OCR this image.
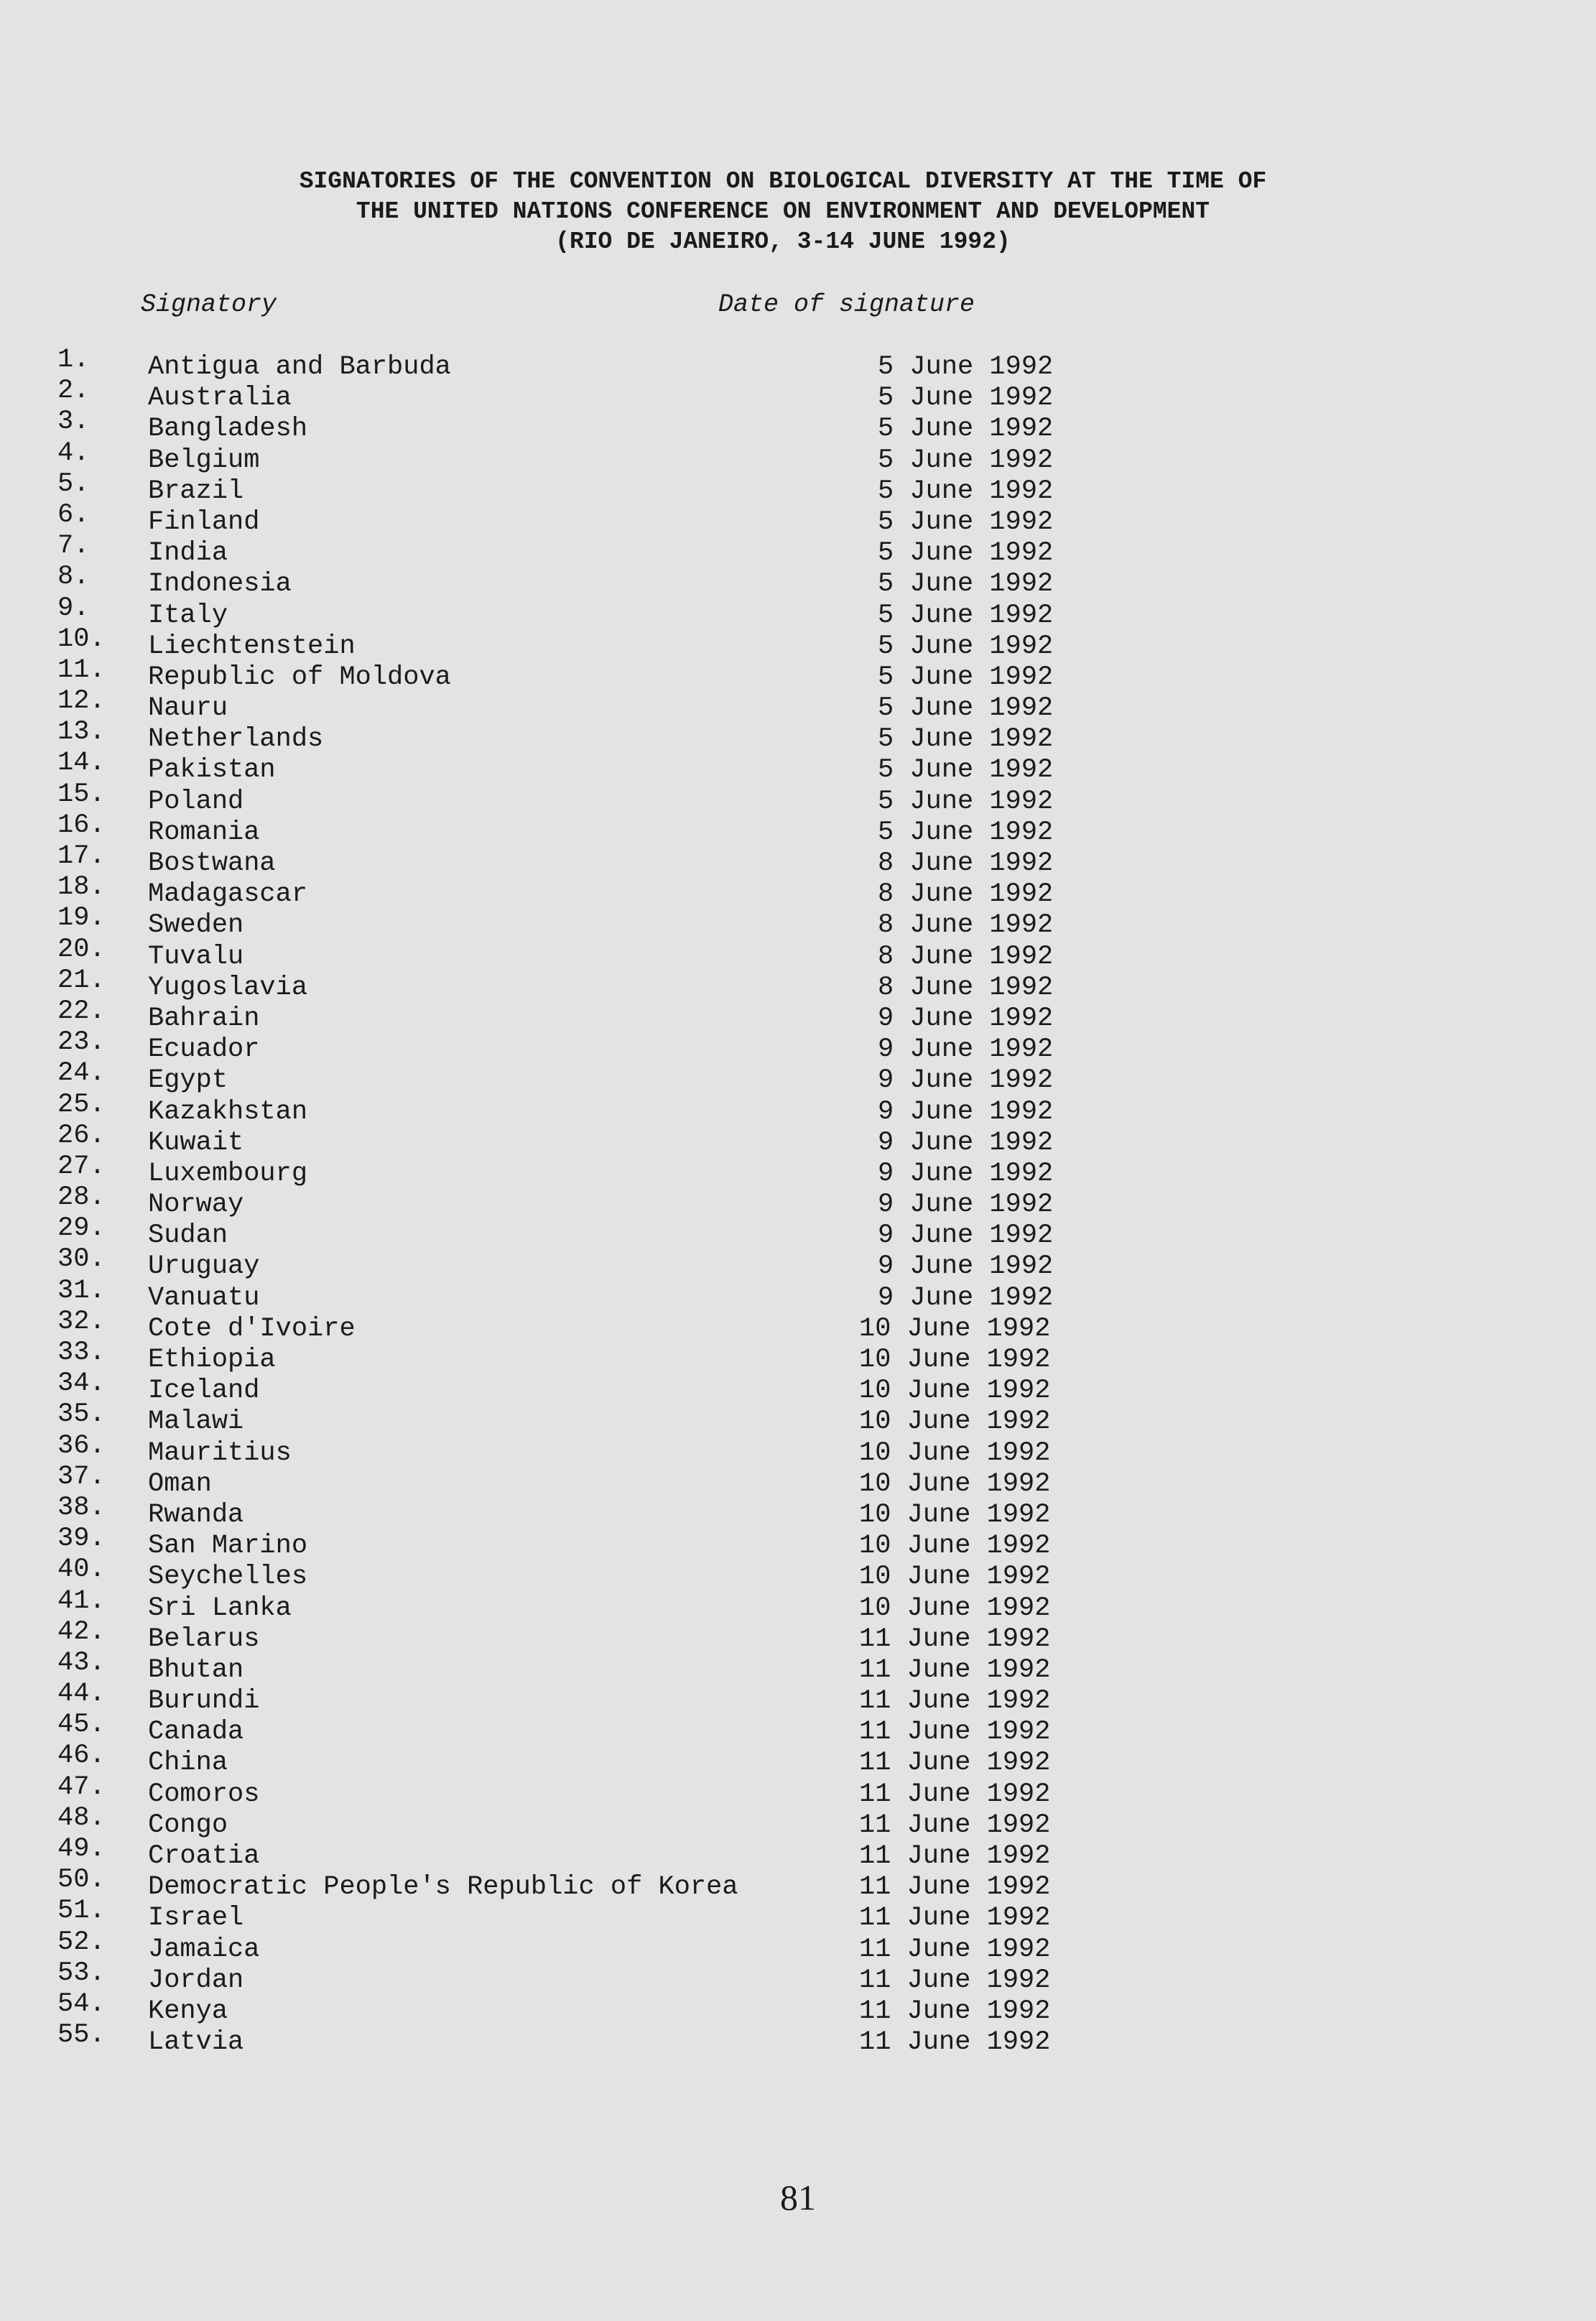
SIGNATORIES OF THE CONVENTION ON BIOLOGICAL DIVERSITY AT THE TIME OF
THE UNITED NATIONS CONFERENCE ON ENVIRONMENT AND DEVELOPMENT
(RIO DE JANEIRO, 3-14 JUNE 1992)
Signatory	Date of signature
1. Antigua and Barbuda	5 June 1992
2. Australia	5 June 1992
3. Bangladesh	5 June 1992
4. Belgium	5 June 1992
5. Brazil	5 June 1992
6. Finland	5 June 1992
7. India	5 June 1992
8. Indonesia	5 June 1992
9. Italy	5 June 1992
10. Liechtenstein	5 June 1992
11. Republic of Moldova	5 June 1992
12. Nauru	5 June 1992
13. Netherlands	5 June 1992
14. Pakistan	5 June 1992
15. Poland	5 June 1992
16. Romania	5 June 1992
17. Bostwana	8 June 1992
18. Madagascar	8 June 1992
19. Sweden	8 June 1992
20. Tuvalu	8 June 1992
21. Yugoslavia	8 June 1992
22. Bahrain	9 June 1992
23. Ecuador	9 June 1992
24. Egypt	9 June 1992
25. Kazakhstan	9 June 1992
26. Kuwait	9 June 1992
27. Luxembourg	9 June 1992
28. Norway	9 June 1992
29. Sudan	9 June 1992
30. Uruguay	9 June 1992
31. Vanuatu	9 June 1992
32. Cote d'Ivoire	10 June 1992
33. Ethiopia	10 June 1992
34. Iceland	10 June 1992
35. Malawi	10 June 1992
36. Mauritius	10 June 1992
37. Oman	10 June 1992
38. Rwanda	10 June 1992
39. San Marino	10 June 1992
40. Seychelles	10 June 1992
41. Sri Lanka	10 June 1992
42. Belarus	11 June 1992
43. Bhutan	11 June 1992
44. Burundi	11 June 1992
45. Canada	11 June 1992
46. China	11 June 1992
47. Comoros	11 June 1992
48. Congo	11 June 1992
49. Croatia	11 June 1992
50. Democratic People's Republic of Korea	11 June 1992
51. Israel	11 June 1992
52. Jamaica	11 June 1992
53. Jordan	11 June 1992
54. Kenya	11 June 1992
55. Latvia	11 June 1992
81
